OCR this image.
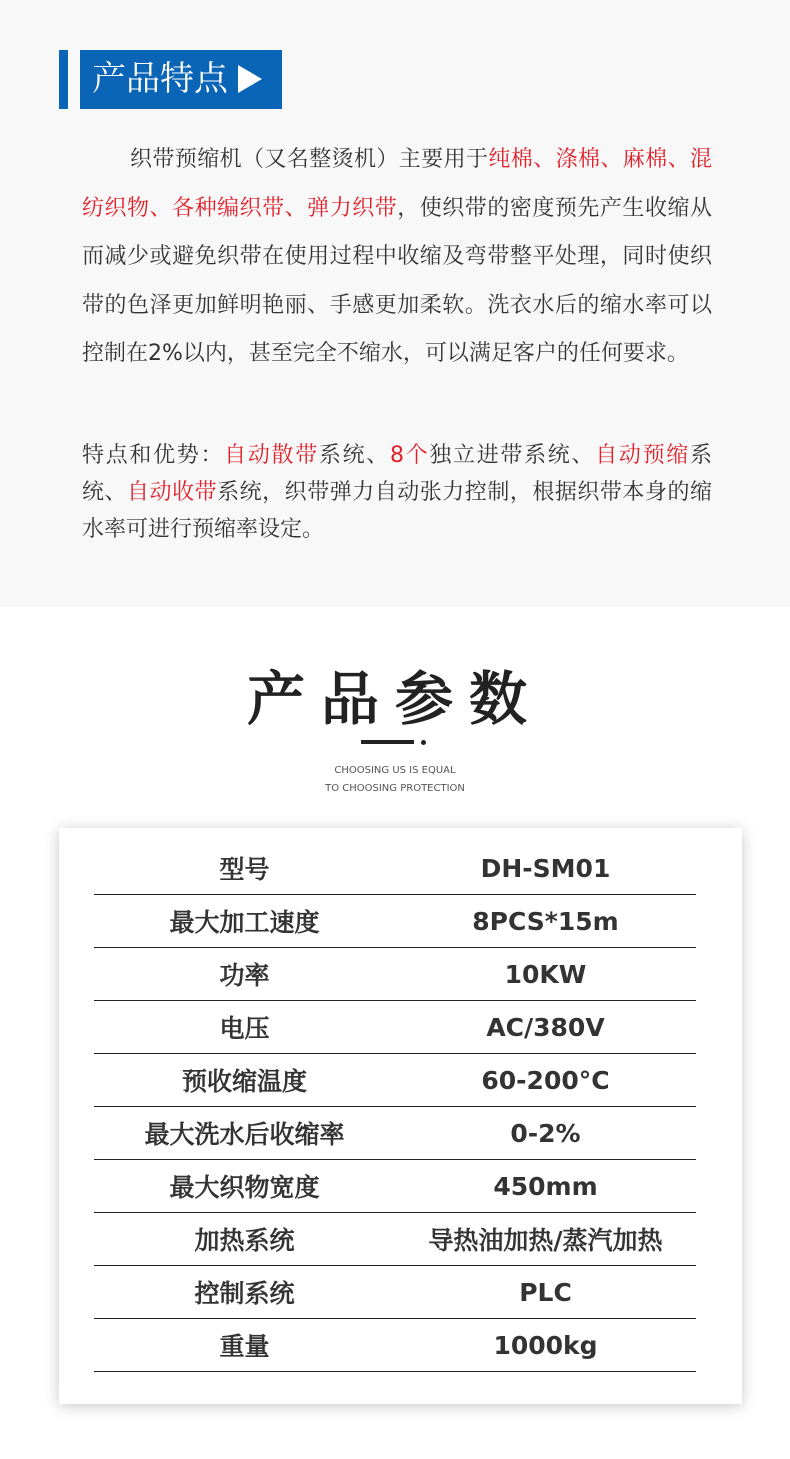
产品特点

织带预缩机（又名整烫机）主要用于纯棉、涤棉、麻棉、混纺织物、各种编织带、弹力织带，使织带的密度预先产生收缩从而减少或避免织带在使用过程中收缩及弯带整平处理，同时使织带的色泽更加鲜明艳丽、手感更加柔软。洗衣水后的缩水率可以控制在2%以内，甚至完全不缩水，可以满足客户的任何要求。

特点和优势：自动散带系统、8个独立进带系统、自动预缩系统、自动收带系统，织带弹力自动张力控制，根据织带本身的缩水率可进行预缩率设定。

产品参数
CHOOSING US IS EQUAL
TO CHOOSING PROTECTION
型号	DH-SM01
最大加工速度	8PCS*15m
功率	10KW
电压	AC/380V
预收缩温度	60-200°C
最大洗水后收缩率	0-2%
最大织物宽度	450mm
加热系统	导热油加热/蒸汽加热
控制系统	PLC
重量	1000kg
